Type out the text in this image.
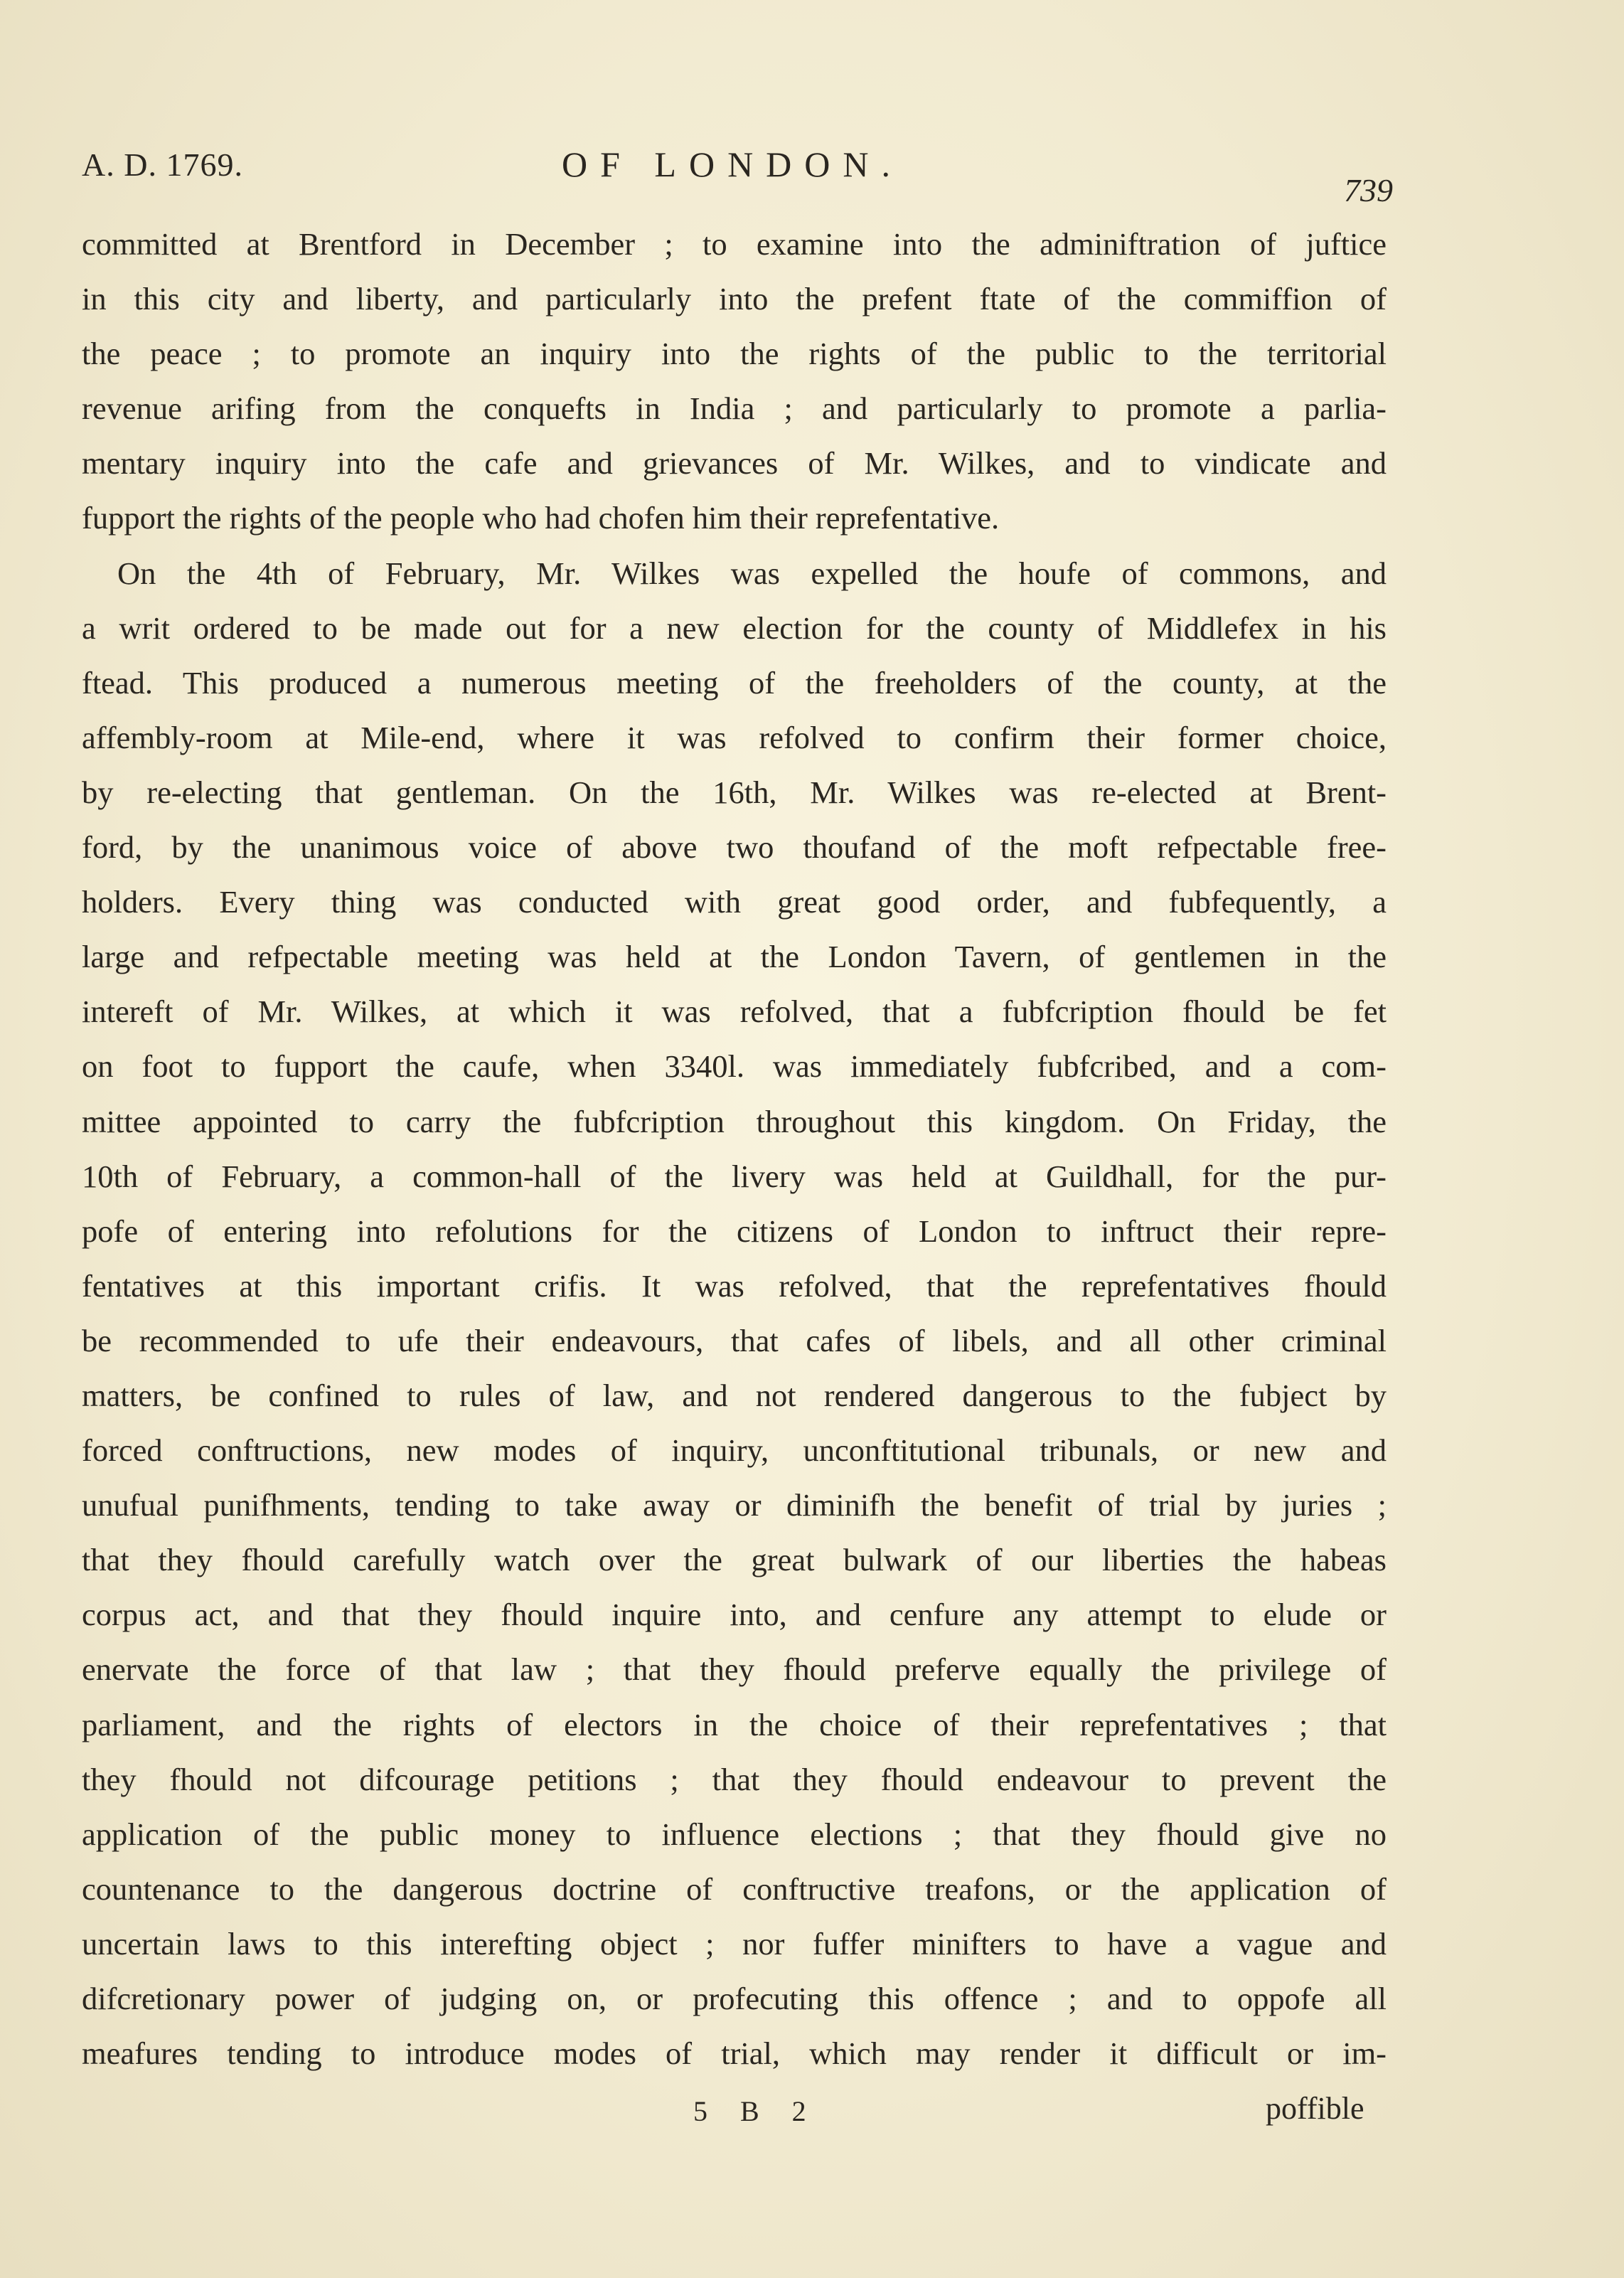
A. D. 1769.	OF LONDON.
739
committed at Brentford in December ; to examine into the adminiftration of juftice
in this city and liberty, and particularly into the prefent ftate of the commiffion of
the peace ; to promote an inquiry into the rights of the public to the territorial
revenue arifing from the conquefts in India ; and particularly to promote a parlia-
mentary inquiry into the cafe and grievances of Mr. Wilkes, and to vindicate and
fupport the rights of the people who had chofen him their reprefentative.
On the 4th of February, Mr. Wilkes was expelled the houfe of commons, and
a writ ordered to be made out for a new election for the county of Middlefex in his
ftead. This produced a numerous meeting of the freeholders of the county, at the
affembly-room at Mile-end, where it was refolved to confirm their former choice,
by re-electing that gentleman. On the 16th, Mr. Wilkes was re-elected at Brent-
ford, by the unanimous voice of above two thoufand of the moft refpectable free-
holders. Every thing was conducted with great good order, and fubfequently, a
large and refpectable meeting was held at the London Tavern, of gentlemen in the
intereft of Mr. Wilkes, at which it was refolved, that a fubfcription fhould be fet
on foot to fupport the caufe, when 3340l. was immediately fubfcribed, and a com-
mittee appointed to carry the fubfcription throughout this kingdom. On Friday, the
10th of February, a common-hall of the livery was held at Guildhall, for the pur-
pofe of entering into refolutions for the citizens of London to inftruct their repre-
fentatives at this important crifis. It was refolved, that the reprefentatives fhould
be recommended to ufe their endeavours, that cafes of libels, and all other criminal
matters, be confined to rules of law, and not rendered dangerous to the fubject by
forced conftructions, new modes of inquiry, unconftitutional tribunals, or new and
unufual punifhments, tending to take away or diminifh the benefit of trial by juries ;
that they fhould carefully watch over the great bulwark of our liberties the habeas
corpus act, and that they fhould inquire into, and cenfure any attempt to elude or
enervate the force of that law ; that they fhould preferve equally the privilege of
parliament, and the rights of electors in the choice of their reprefentatives ; that
they fhould not difcourage petitions ; that they fhould endeavour to prevent the
application of the public money to influence elections ; that they fhould give no
countenance to the dangerous doctrine of conftructive treafons, or the application of
uncertain laws to this interefting object ; nor fuffer minifters to have a vague and
difcretionary power of judging on, or profecuting this offence ; and to oppofe all
meafures tending to introduce modes of trial, which may render it difficult or im-
5 B 2	poffible
